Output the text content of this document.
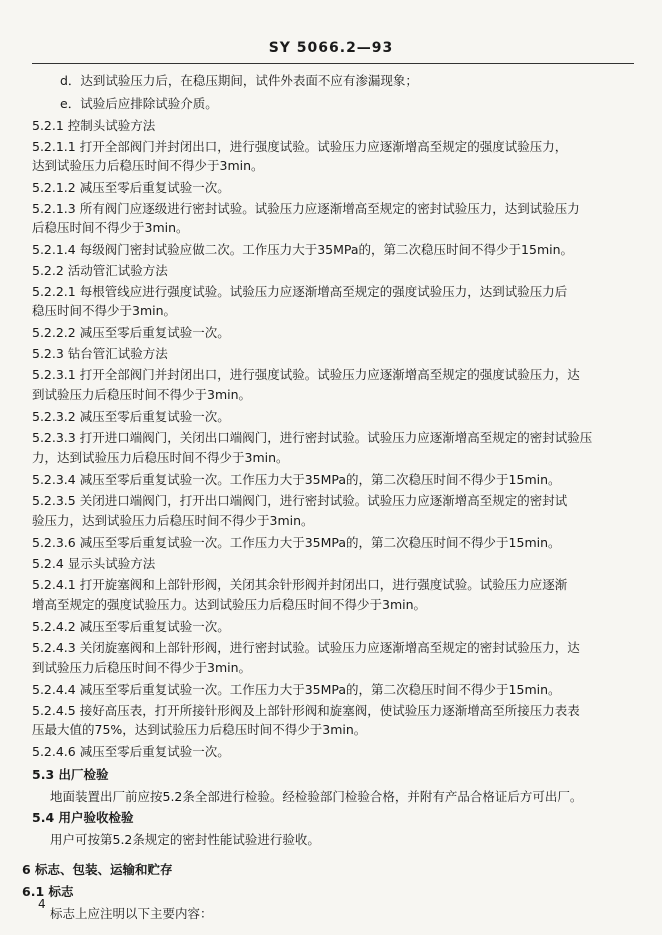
SY 5066.2—93
d．达到试验压力后，在稳压期间，试件外表面不应有渗漏现象；
e．试验后应排除试验介质。
5.2.1 控制头试验方法
5.2.1.1 打开全部阀门并封闭出口，进行强度试验。试验压力应逐渐增高至规定的强度试验压力，
达到试验压力后稳压时间不得少于3min。
5.2.1.2 减压至零后重复试验一次。
5.2.1.3 所有阀门应逐级进行密封试验。试验压力应逐渐增高至规定的密封试验压力，达到试验压力
后稳压时间不得少于3min。
5.2.1.4 每级阀门密封试验应做二次。工作压力大于35MPa的，第二次稳压时间不得少于15min。
5.2.2 活动管汇试验方法
5.2.2.1 每根管线应进行强度试验。试验压力应逐渐增高至规定的强度试验压力，达到试验压力后
稳压时间不得少于3min。
5.2.2.2 减压至零后重复试验一次。
5.2.3 钻台管汇试验方法
5.2.3.1 打开全部阀门并封闭出口，进行强度试验。试验压力应逐渐增高至规定的强度试验压力，达
到试验压力后稳压时间不得少于3min。
5.2.3.2 减压至零后重复试验一次。
5.2.3.3 打开进口端阀门，关闭出口端阀门，进行密封试验。试验压力应逐渐增高至规定的密封试验压
力，达到试验压力后稳压时间不得少于3min。
5.2.3.4 减压至零后重复试验一次。工作压力大于35MPa的，第二次稳压时间不得少于15min。
5.2.3.5 关闭进口端阀门，打开出口端阀门，进行密封试验。试验压力应逐渐增高至规定的密封试
验压力，达到试验压力后稳压时间不得少于3min。
5.2.3.6 减压至零后重复试验一次。工作压力大于35MPa的，第二次稳压时间不得少于15min。
5.2.4 显示头试验方法
5.2.4.1 打开旋塞阀和上部针形阀，关闭其余针形阀并封闭出口，进行强度试验。试验压力应逐渐
增高至规定的强度试验压力。达到试验压力后稳压时间不得少于3min。
5.2.4.2 减压至零后重复试验一次。
5.2.4.3 关闭旋塞阀和上部针形阀，进行密封试验。试验压力应逐渐增高至规定的密封试验压力，达
到试验压力后稳压时间不得少于3min。
5.2.4.4 减压至零后重复试验一次。工作压力大于35MPa的，第二次稳压时间不得少于15min。
5.2.4.5 接好高压表，打开所接针形阀及上部针形阀和旋塞阀，使试验压力逐渐增高至所接压力表表
压最大值的75%，达到试验压力后稳压时间不得少于3min。
5.2.4.6 减压至零后重复试验一次。
5.3 出厂检验
地面装置出厂前应按5.2条全部进行检验。经检验部门检验合格，并附有产品合格证后方可出厂。
5.4 用户验收检验
用户可按第5.2条规定的密封性能试验进行验收。
6 标志、包装、运输和贮存
6.1 标志
标志上应注明以下主要内容：
4
